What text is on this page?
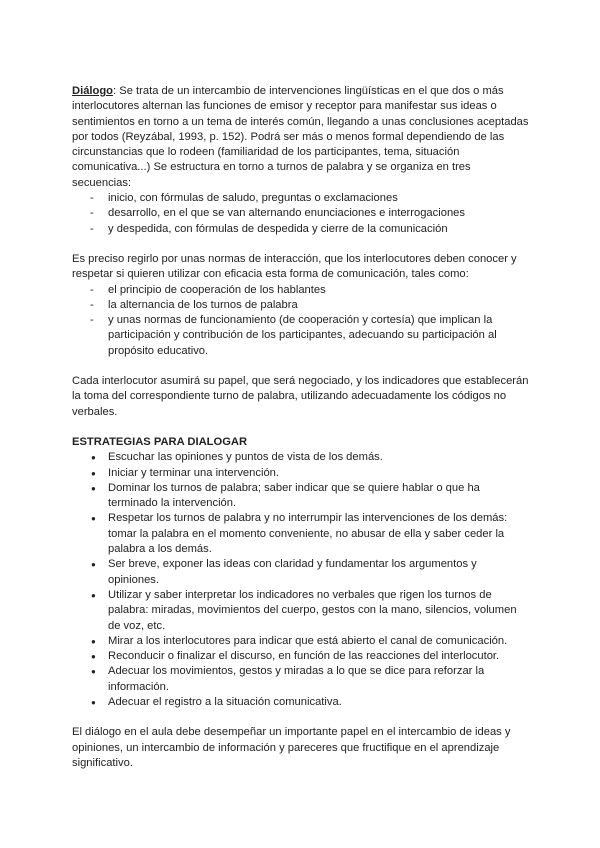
Diálogo: Se trata de un intercambio de intervenciones lingüísticas en el que dos o más interlocutores alternan las funciones de emisor y receptor para manifestar sus ideas o sentimientos en torno a un tema de interés común, llegando a unas conclusiones aceptadas por todos (Reyzábal, 1993, p. 152). Podrá ser más o menos formal dependiendo de las circunstancias que lo rodeen (familiaridad de los participantes, tema, situación comunicativa...) Se estructura en torno a turnos de palabra y se organiza en tres secuencias:

- inicio, con fórmulas de saludo, preguntas o exclamaciones
- desarrollo, en el que se van alternando enunciaciones e interrogaciones
- y despedida, con fórmulas de despedida y cierre de la comunicación

Es preciso regirlo por unas normas de interacción, que los interlocutores deben conocer y respetar si quieren utilizar con eficacia esta forma de comunicación, tales como:

- el principio de cooperación de los hablantes
- la alternancia de los turnos de palabra
- y unas normas de funcionamiento (de cooperación y cortesía) que implican la participación y contribución de los participantes, adecuando su participación al propósito educativo.

Cada interlocutor asumirá su papel, que será negociado, y los indicadores que establecerán la toma del correspondiente turno de palabra, utilizando adecuadamente los códigos no verbales.

ESTRATEGIAS PARA DIALOGAR

● Escuchar las opiniones y puntos de vista de los demás.
● Iniciar y terminar una intervención.
● Dominar los turnos de palabra; saber indicar que se quiere hablar o que ha terminado la intervención.
● Respetar los turnos de palabra y no interrumpir las intervenciones de los demás: tomar la palabra en el momento conveniente, no abusar de ella y saber ceder la palabra a los demás.
● Ser breve, exponer las ideas con claridad y fundamentar los argumentos y opiniones.
● Utilizar y saber interpretar los indicadores no verbales que rigen los turnos de palabra: miradas, movimientos del cuerpo, gestos con la mano, silencios, volumen de voz, etc.
● Mirar a los interlocutores para indicar que está abierto el canal de comunicación.
● Reconducir o finalizar el discurso, en función de las reacciones del interlocutor.
● Adecuar los movimientos, gestos y miradas a lo que se dice para reforzar la información.
● Adecuar el registro a la situación comunicativa.

El diálogo en el aula debe desempeñar un importante papel en el intercambio de ideas y opiniones, un intercambio de información y pareceres que fructifique en el aprendizaje significativo.
